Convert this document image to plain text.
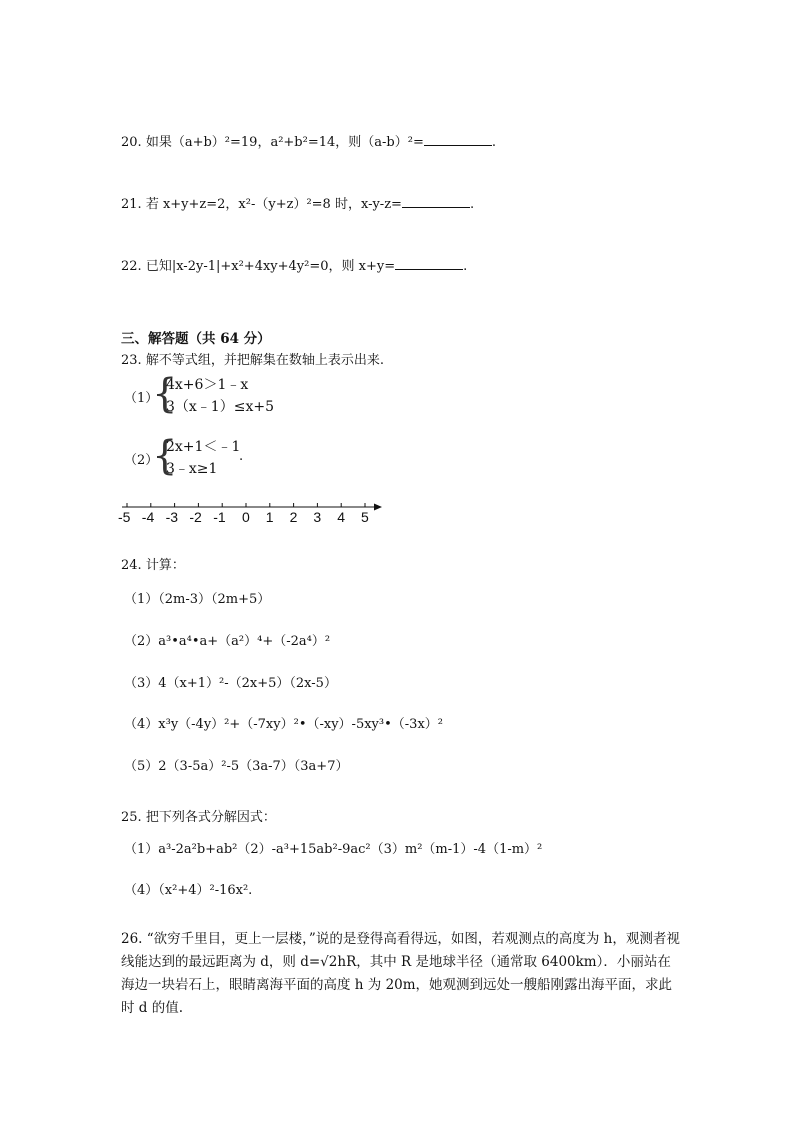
20. 如果（a+b）²=19，a²+b²=14，则（a-b）²=	.
21. 若 x+y+z=2，x²-（y+z）²=8 时，x-y-z=	.
22. 已知|x-2y-1|+x²+4xy+4y²=0，则 x+y=	.
三、解答题（共 64 分）
23. 解不等式组，并把解集在数轴上表示出来.
（1）
{
4x+6＞1﹣x
3（x﹣1）≤x+5
（2）
{
2x+1＜﹣1
3﹣x≥1
.
-5 -4 -3 -2 -1 0 1 2 3 4 5
24. 计算：
（1）（2m-3）（2m+5）
（2）a³•a⁴•a+（a²）⁴+（-2a⁴）²
（3）4（x+1）²-（2x+5）（2x-5）
（4）x³y（-4y）²+（-7xy）²•（-xy）-5xy³•（-3x）²
（5）2（3-5a）²-5（3a-7）（3a+7）
25. 把下列各式分解因式：
（1）a³-2a²b+ab²（2）-a³+15ab²-9ac²（3）m²（m-1）-4（1-m）²
（4）（x²+4）²-16x².
26. “欲穷千里目，更上一层楼，”说的是登得高看得远，如图，若观测点的高度为 h，观测者视线能达到的最远距离为 d，则 d=√2hR，其中 R 是地球半径（通常取 6400km）．小丽站在海边一块岩石上，眼睛离海平面的高度 h 为 20m，她观测到远处一艘船刚露出海平面，求此时 d 的值.
